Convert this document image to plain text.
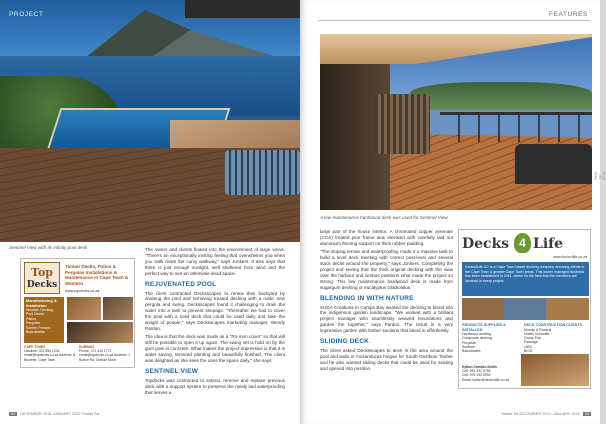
PROJECT
Sentinel View with its infinity pool deck
Top
Decks
Timber Decks, Patios & Pergolas Installations & Maintenance in Cape Town & Western
www.topdecks.co.za
Manufacturing & Installation
Wooden Decking
Pool Decks
Patios
Pergolas
Screen Fences
Boardwalks
CAPE TOWN
Landline: 021 556 1234 email@topdecks.co.za Address: 8 Brunelle, Cape Town
DURBAN
Phone: 071 443 1772 email@topdecks.co.za Address: 1 Sutton Rd, Durban North

The owner and clients flowed into the environment of large views. "There's an exceptionally inviting feeling that overwhelms you when you walk down the curvy walkway," says Jonkers. It also says that there is just enough sunlight, well sheltered from wind and the perfect way to see an otherwise dead space.

REJUVENATED POOL

The client contracted Decksscapes to renew their backyard by draining the pool and removing treated decking with a rustic new pergola and swing. Decksscapes found it challenging to drain the water into a tank to prevent seepage. "Thereafter we had to cover the pool with a solid deck that could be used daily and take the weight of people," says Decksscapes marketing manager, Wendy Pardon.

The idea is that the deck was made as a "Ro-mon cover" so that will still be possible to open it up again. The swing set is hold on by the gum pole in concrete. What makes the project impressive is that it is water saving, terraced planting and beautifully finished. The client was delighted as she sees the uses the space daily," she says.

SENTINEL VIEW

Topdecks was contracted to extend, remove and replace previous deck with a support system to preserve the newly laid waterproofing that serves a

32 DECEMBER 2019–JANUARY 2020 Timber SA
FEATURES
Photo: Top Decks
A low-maintenance hardwood deck was used for Sentinel View.

large part of the house interior. A chromated copper arsenate (CCA) treated pine frame was elevated with carefully laid out aluminium flooring support on thick rubber padding.

"The sloping terrain and waterproofing made it a massive task to build a level deck meeting with correct post-level and several stack decks around the property," says Jonkers. Completing the project and seeing that the thick original decking with the view over the harbour and nimbus positions what made the project so strong. This low maintenance hardwood deck is made from sugargum decking or eucalyptus Gladiolulus.

BLENDING IN WITH NATURE

SUDA Creations in Camps Bay wanted the decking to blend into the indigenous garden landscape. "We worked with a brilliant project manager who seamlessly weaved renovations and garden the together," says Pardon. The result is a very impressive garden with timber sections that blend in effortlessly.

SLIDING DECK

The client asked Decksscapes to deck in the area around the pool and patio in mozambicas hingae for South Gesthian Timber and he also wanted sliding decks that could be used for seating and opened into position.

Decks 4 Life
www.decks4life.co.za
Decks4Life CC is a Cape Town based decking company servicing clients in the Cape Town & greater Cape Town areas. This owner managed business has been established in 2011, where its the best that the members are involved in every project.
PRODUCTS SUPPLIED & INSTALLED
Hardwood decking
Composite decking
Pergolas
Screens
Balustrades
DECK CONSTRUCTION CLIENTS
Murray & Roberts
Hotels Schindler
Group Five
Palmage
UWC
BIOS
Hylton Christie-Smith
Cell: 082 932 4783
Cell: 076 153 0994
Email: hylton@decks4life.co.za
Timber SA DECEMBER 2019–JANUARY 2020 33
